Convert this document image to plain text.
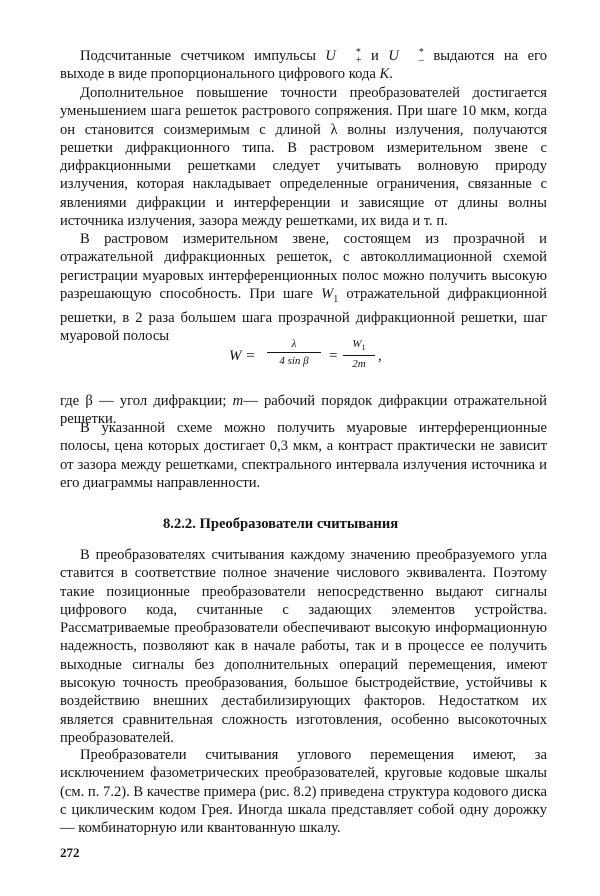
Подсчитанные счетчиком импульсы U	*
+ и U	*
– выдаются на его выходе в виде пропорционального цифрового кода K.

Дополнительное повышение точности преобразователей достигается уменьшением шага решеток растрового сопряжения. При шаге 10 мкм, когда он становится соизмеримым с длиной λ волны излучения, получаются решетки дифракционного типа. В растровом измерительном звене с дифракционными решетками следует учитывать волновую природу излучения, которая накладывает определенные ограничения, связанные с явлениями дифракции и интерференции и зависящие от длины волны источника излучения, зазора между решетками, их вида и т. п.

В растровом измерительном звене, состоящем из прозрачной и отражательной дифракционных решеток, с автоколлимационной схемой регистрации муаровых интерференционных полос можно получить высокую разрешающую способность. При шаге $W_1$ отражательной дифракционной решетки, в 2 раза большем шага прозрачной дифракционной решетки, шаг муаровой полосы

W =
λ
4 sin β	=
$W_1$
2m
,

где β — угол дифракции; m— рабочий порядок дифракции отражательной решетки.

В указанной схеме можно получить муаровые интерференционные полосы, цена которых достигает 0,3 мкм, а контраст практически не зависит от зазора между решетками, спектрального интервала излучения источника и его диаграммы направленности.

8.2.2. Преобразователи считывания

В преобразователях считывания каждому значению преобразуемого угла ставится в соответствие полное значение числового эквивалента. Поэтому такие позиционные преобразователи непосредственно выдают сигналы цифрового кода, считанные с задающих элементов устройства. Рассматриваемые преобразователи обеспечивают высокую информационную надежность, позволяют как в начале работы, так и в процессе ее получить выходные сигналы без дополнительных операций перемещения, имеют высокую точность преобразования, большое быстродействие, устойчивы к воздействию внешних дестабилизирующих факторов. Недостатком их является сравнительная сложность изготовления, особенно высокоточных преобразователей.

Преобразователи считывания углового перемещения имеют, за исключением фазометрических преобразователей, круговые кодовые шкалы (см. п. 7.2). В качестве примера (рис. 8.2) приведена структура кодового диска с циклическим кодом Грея. Иногда шкала представляет собой одну дорожку — комбинаторную или квантованную шкалу.

272
